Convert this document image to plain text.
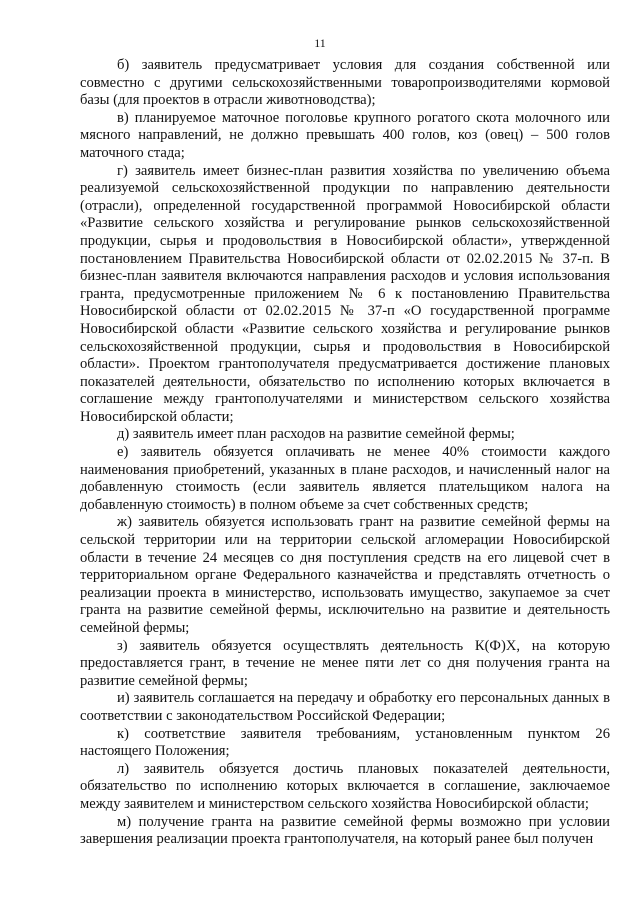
11

б) заявитель предусматривает условия для создания собственной или совместно с другими сельскохозяйственными товаропроизводителями кормовой базы (для проектов в отрасли животноводства);

в) планируемое маточное поголовье крупного рогатого скота молочного или мясного направлений, не должно превышать 400 голов, коз (овец) – 500 голов маточного стада;

г) заявитель имеет бизнес-план развития хозяйства по увеличению объема реализуемой сельскохозяйственной продукции по направлению деятельности (отрасли), определенной государственной программой Новосибирской области «Развитие сельского хозяйства и регулирование рынков сельскохозяйственной продукции, сырья и продовольствия в Новосибирской области», утвержденной постановлением Правительства Новосибирской области от 02.02.2015 № 37-п. В бизнес-план заявителя включаются направления расходов и условия использования гранта, предусмотренные приложением № 6 к постановлению Правительства Новосибирской области от 02.02.2015 № 37-п «О государственной программе Новосибирской области «Развитие сельского хозяйства и регулирование рынков сельскохозяйственной продукции, сырья и продовольствия в Новосибирской области». Проектом грантополучателя предусматривается достижение плановых показателей деятельности, обязательство по исполнению которых включается в соглашение между грантополучателями и министерством сельского хозяйства Новосибирской области;

д) заявитель имеет план расходов на развитие семейной фермы;

е) заявитель обязуется оплачивать не менее 40% стоимости каждого наименования приобретений, указанных в плане расходов, и начисленный налог на добавленную стоимость (если заявитель является плательщиком налога на добавленную стоимость) в полном объеме за счет собственных средств;

ж) заявитель обязуется использовать грант на развитие семейной фермы на сельской территории или на территории сельской агломерации Новосибирской области в течение 24 месяцев со дня поступления средств на его лицевой счет в территориальном органе Федерального казначейства и представлять отчетность о реализации проекта в министерство, использовать имущество, закупаемое за счет гранта на развитие семейной фермы, исключительно на развитие и деятельность семейной фермы;

з) заявитель обязуется осуществлять деятельность К(Ф)Х, на которую предоставляется грант, в течение не менее пяти лет со дня получения гранта на развитие семейной фермы;

и) заявитель соглашается на передачу и обработку его персональных данных в соответствии с законодательством Российской Федерации;

к) соответствие заявителя требованиям, установленным пунктом 26 настоящего Положения;

л) заявитель обязуется достичь плановых показателей деятельности, обязательство по исполнению которых включается в соглашение, заключаемое между заявителем и министерством сельского хозяйства Новосибирской области;

м) получение гранта на развитие семейной фермы возможно при условии завершения реализации проекта грантополучателя, на который ранее был получен
